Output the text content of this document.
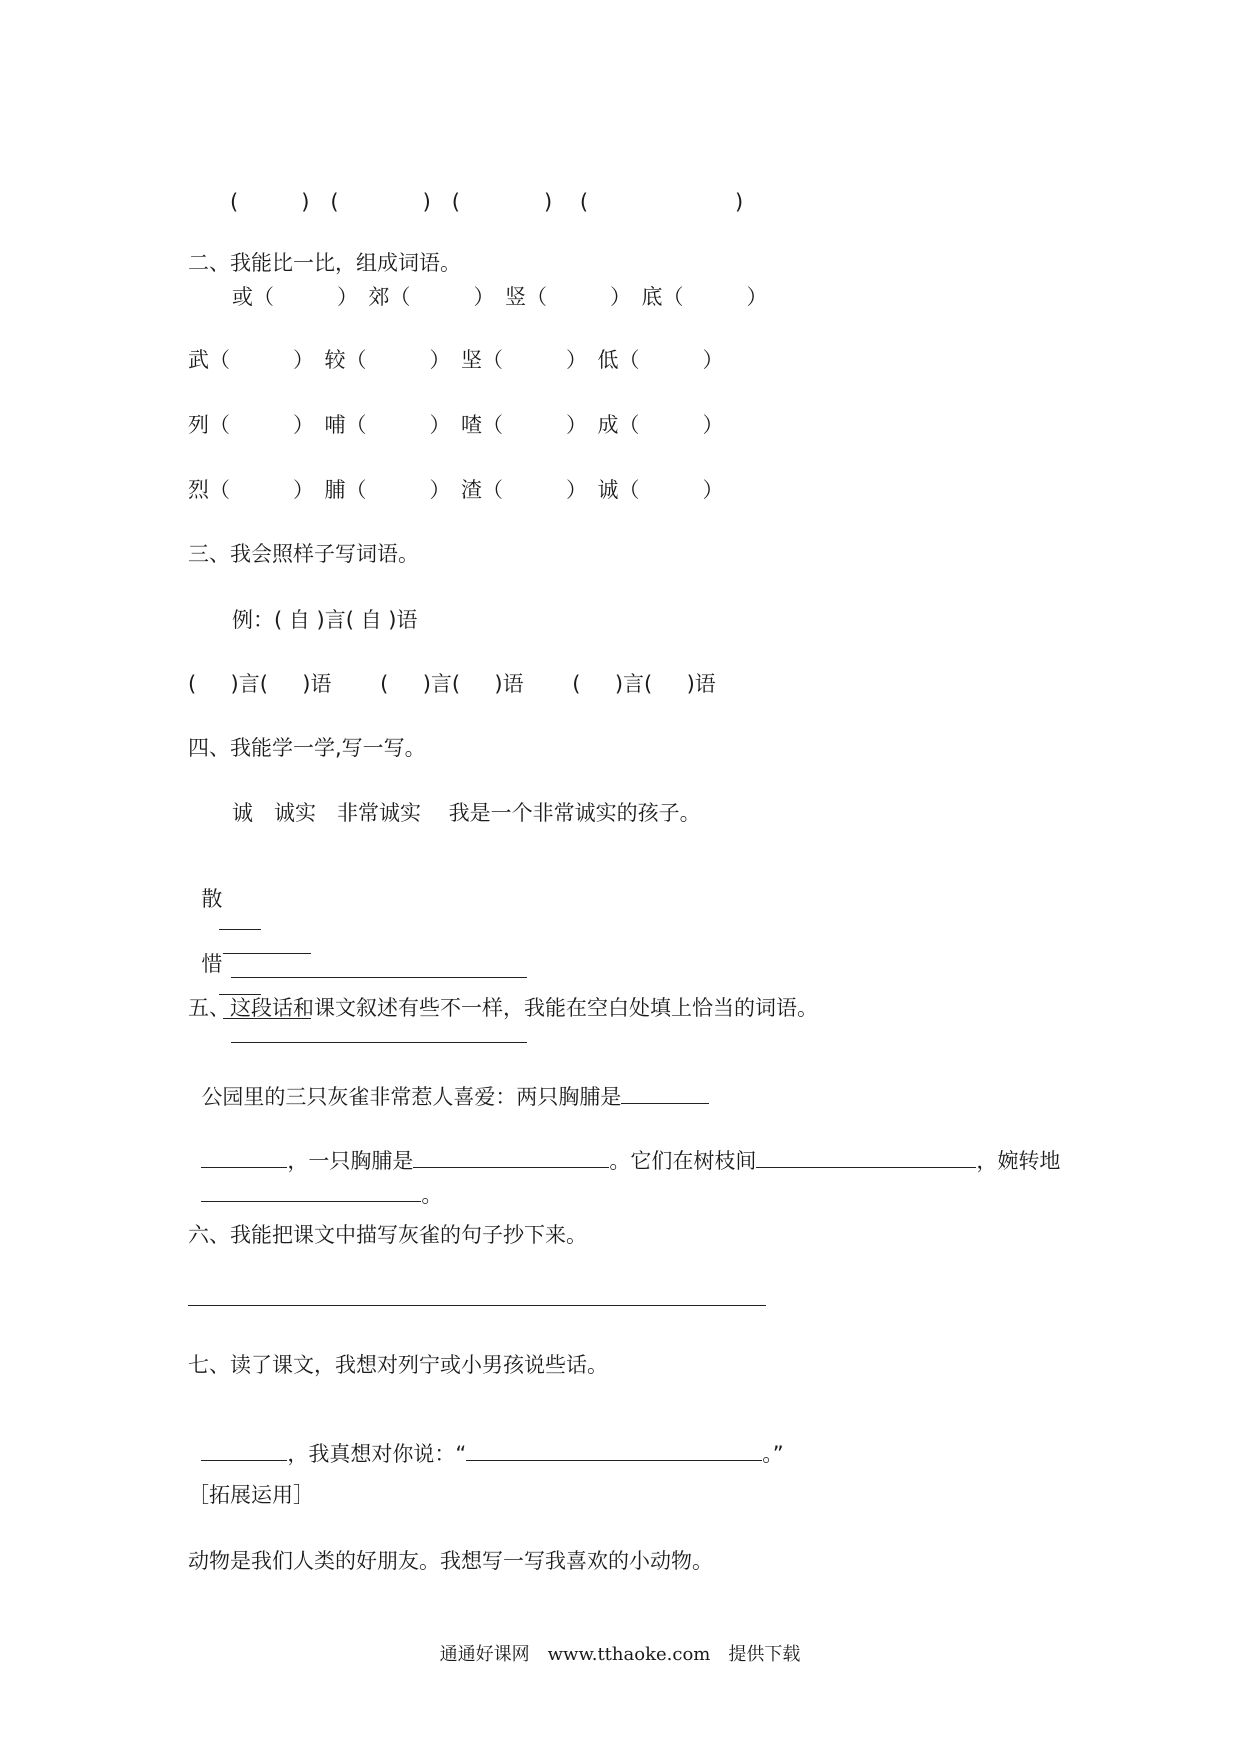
(　　　)　(　　　　)　(　　　　)　 (　　　　　　　)
二、我能比一比，组成词语。
或（　　　）　郊（　　　）　竖（　　　）　底（　　　）
武（　　　）　较（　　　）　坚（　　　）　低（　　　）
列（　　　）　哺（　　　）　喳（　　　）　成（　　　）
烈（　　　）　脯（　　　）　渣（　　　）　诚（　　　）
三、我会照样子写词语。
例：( 自 )言( 自 )语
(　  )言(　  )语　　 (　  )言(　  )语　　 (　  )言(　  )语
四、我能学一学,写一写。
诚　诚实　非常诚实　 我是一个非常诚实的孩子。

散

惜

五、这段话和课文叙述有些不一样，我能在空白处填上恰当的词语。

公园里的三只灰雀非常惹人喜爱：两只胸脯是

，一只胸脯是	。它们在树枝间	，婉转地

。

六、我能把课文中描写灰雀的句子抄下来。
七、读了课文，我想对列宁或小男孩说些话。

，我真想对你说：“	。”

［拓展运用］
动物是我们人类的好朋友。我想写一写我喜欢的小动物。
通通好课网　www.tthaoke.com　提供下载
